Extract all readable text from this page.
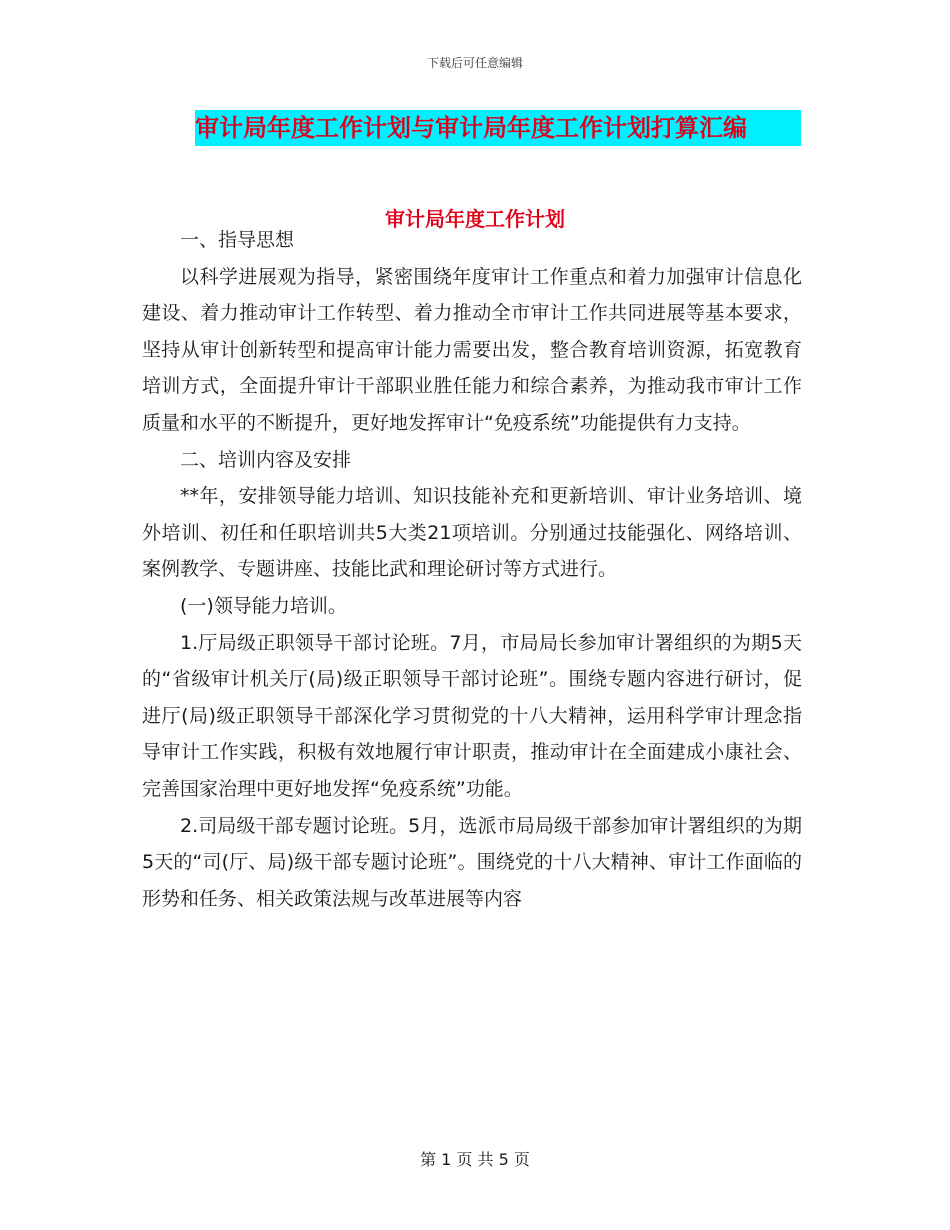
下载后可任意编辑
审计局年度工作计划与审计局年度工作计划打算汇编
审计局年度工作计划

一、指导思想

以科学进展观为指导，紧密围绕年度审计工作重点和着力加强审计信息化建设、着力推动审计工作转型、着力推动全市审计工作共同进展等基本要求，坚持从审计创新转型和提高审计能力需要出发，整合教育培训资源，拓宽教育培训方式，全面提升审计干部职业胜任能力和综合素养，为推动我市审计工作质量和水平的不断提升，更好地发挥审计“免疫系统”功能提供有力支持。

二、培训内容及安排

**年，安排领导能力培训、知识技能补充和更新培训、审计业务培训、境外培训、初任和任职培训共5大类21项培训。分别通过技能强化、网络培训、案例教学、专题讲座、技能比武和理论研讨等方式进行。

(一)领导能力培训。

1.厅局级正职领导干部讨论班。7月，市局局长参加审计署组织的为期5天的“省级审计机关厅(局)级正职领导干部讨论班”。围绕专题内容进行研讨，促进厅(局)级正职领导干部深化学习贯彻党的十八大精神，运用科学审计理念指导审计工作实践，积极有效地履行审计职责，推动审计在全面建成小康社会、完善国家治理中更好地发挥“免疫系统”功能。

2.司局级干部专题讨论班。5月，选派市局局级干部参加审计署组织的为期5天的“司(厅、局)级干部专题讨论班”。围绕党的十八大精神、审计工作面临的形势和任务、相关政策法规与改革进展等内容

第 1 页 共 5 页
